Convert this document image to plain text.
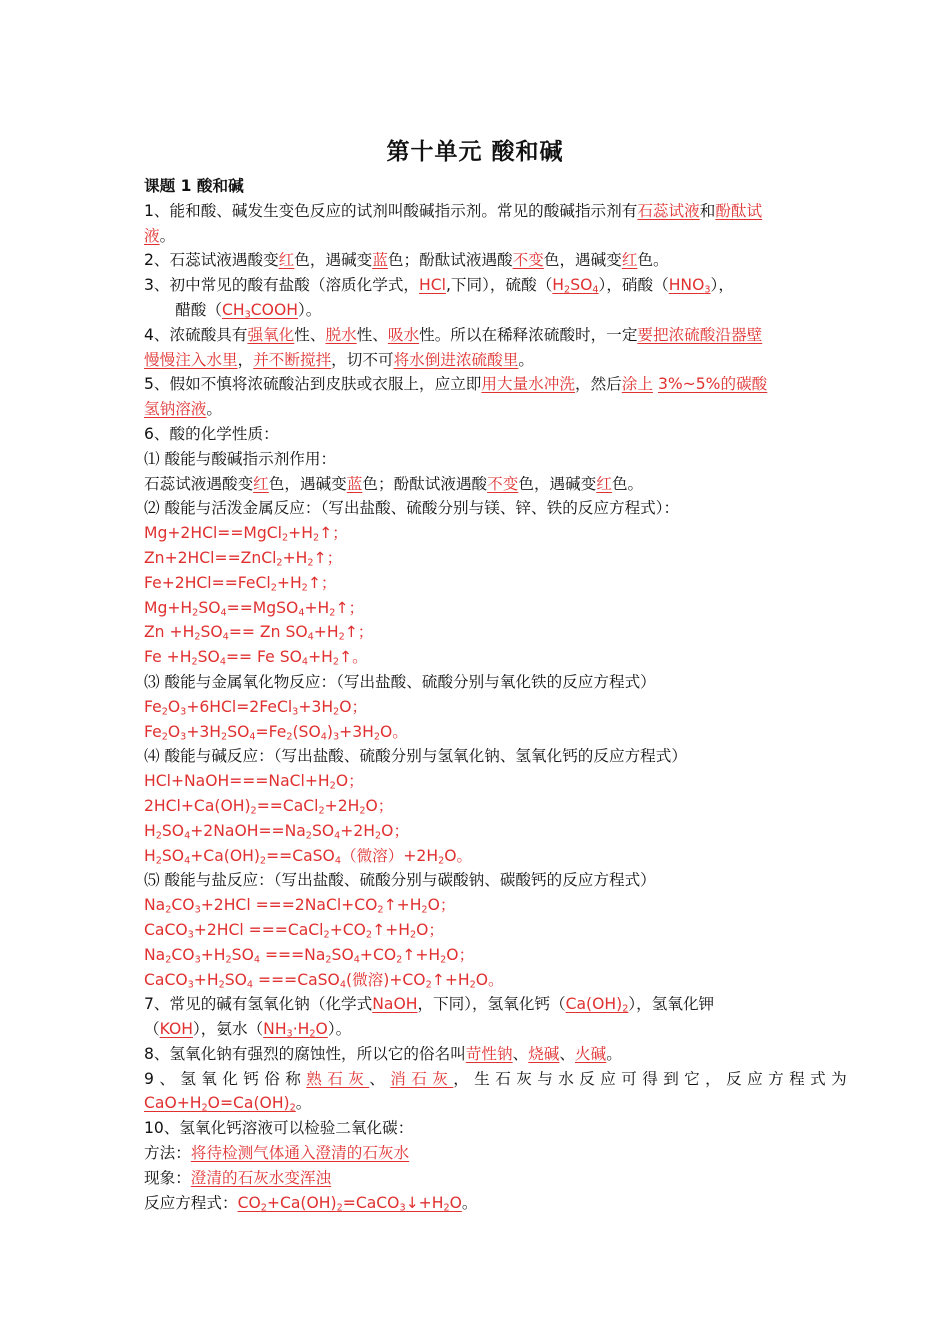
第十单元 酸和碱
课题 1 酸和碱
1、能和酸、碱发生变色反应的试剂叫酸碱指示剂。常见的酸碱指示剂有石蕊试液和酚酞试
液。
2、石蕊试液遇酸变红色，遇碱变蓝色；酚酞试液遇酸不变色，遇碱变红色。
3、初中常见的酸有盐酸（溶质化学式，HCl,下同），硫酸$(H_2SO_4)$，硝酸$(HNO_3)$，
　　醋酸$(CH_3COOH)$。
4、浓硫酸具有强氧化性、脱水性、吸水性。所以在稀释浓硫酸时，一定要把浓硫酸沿器壁
慢慢注入水里，并不断搅拌，切不可将水倒进浓硫酸里。
5、假如不慎将浓硫酸沾到皮肤或衣服上，应立即用大量水冲洗，然后涂上 3%~5%的碳酸
氢钠溶液。
6、酸的化学性质：
⑴ 酸能与酸碱指示剂作用：
石蕊试液遇酸变红色，遇碱变蓝色；酚酞试液遇酸不变色，遇碱变红色。
⑵ 酸能与活泼金属反应：（写出盐酸、硫酸分别与镁、锌、铁的反应方程式）：
$Mg+2HCl==MgCl_2+H_2↑$；
$Zn+2HCl==ZnCl_2+H_2↑$；
$Fe+2HCl==FeCl_2+H_2↑$；
$Mg+H_2SO_4==MgSO_4+H_2↑$；
$Zn +H_2SO_4== Zn$ $SO_4+H_2↑$；
$Fe +H_2SO_4== Fe$ $SO_4+H_2↑$。
⑶ 酸能与金属氧化物反应：（写出盐酸、硫酸分别与氧化铁的反应方程式）
$Fe_2O_3+6HCl=2FeCl_3+3H_2O$；
$Fe_2O_3+3H_2SO_4=Fe_2(SO_4)_3+3H_2O$。
⑷ 酸能与碱反应：（写出盐酸、硫酸分别与氢氧化钠、氢氧化钙的反应方程式）
$HCl+NaOH===NaCl+H_2O$；
$2HCl+Ca(OH)_2==CaCl_2+2H_2O$；
$H_2SO_4+2NaOH==Na_2SO_4+2H_2O$；
$H_2SO_4+Ca(OH)_2==CaSO_4$（微溶）$+2H_2O$。
⑸ 酸能与盐反应：（写出盐酸、硫酸分别与碳酸钠、碳酸钙的反应方程式）
$Na_2CO_3+2HCl$ $===2NaCl+CO_2↑+H_2O$；
CaCO$_3$+2HCl $===CaCl_2+CO_2↑+H_2O$；
$Na_2CO_3+H_2SO_4$ $===Na_2SO_4+CO_2↑+H_2O$；
$CaCO_3+H_2SO_4$ ===CaSO$_4$(微溶)$+CO_2↑+H_2O$。
7、常见的碱有氢氧化钠（化学式NaOH，下同），氢氧化钙$(Ca(OH)_2)$，氢氧化钾
（KOH），氨水$(NH_3\cdot H_2O)$。
8、氢氧化钠有强烈的腐蚀性，所以它的俗名叫苛性钠、烧碱、火碱。
9、氢氧化钙俗称熟石灰、消石灰，生石灰与水反应可得到它，反应方程式为
$CaO+H_2O=Ca(OH)_2$。
10、氢氧化钙溶液可以检验二氧化碳：
方法：将待检测气体通入澄清的石灰水
现象：澄清的石灰水变浑浊
反应方程式：$CO_2+Ca(OH)_2=CaCO_3↓+H_2O$。
